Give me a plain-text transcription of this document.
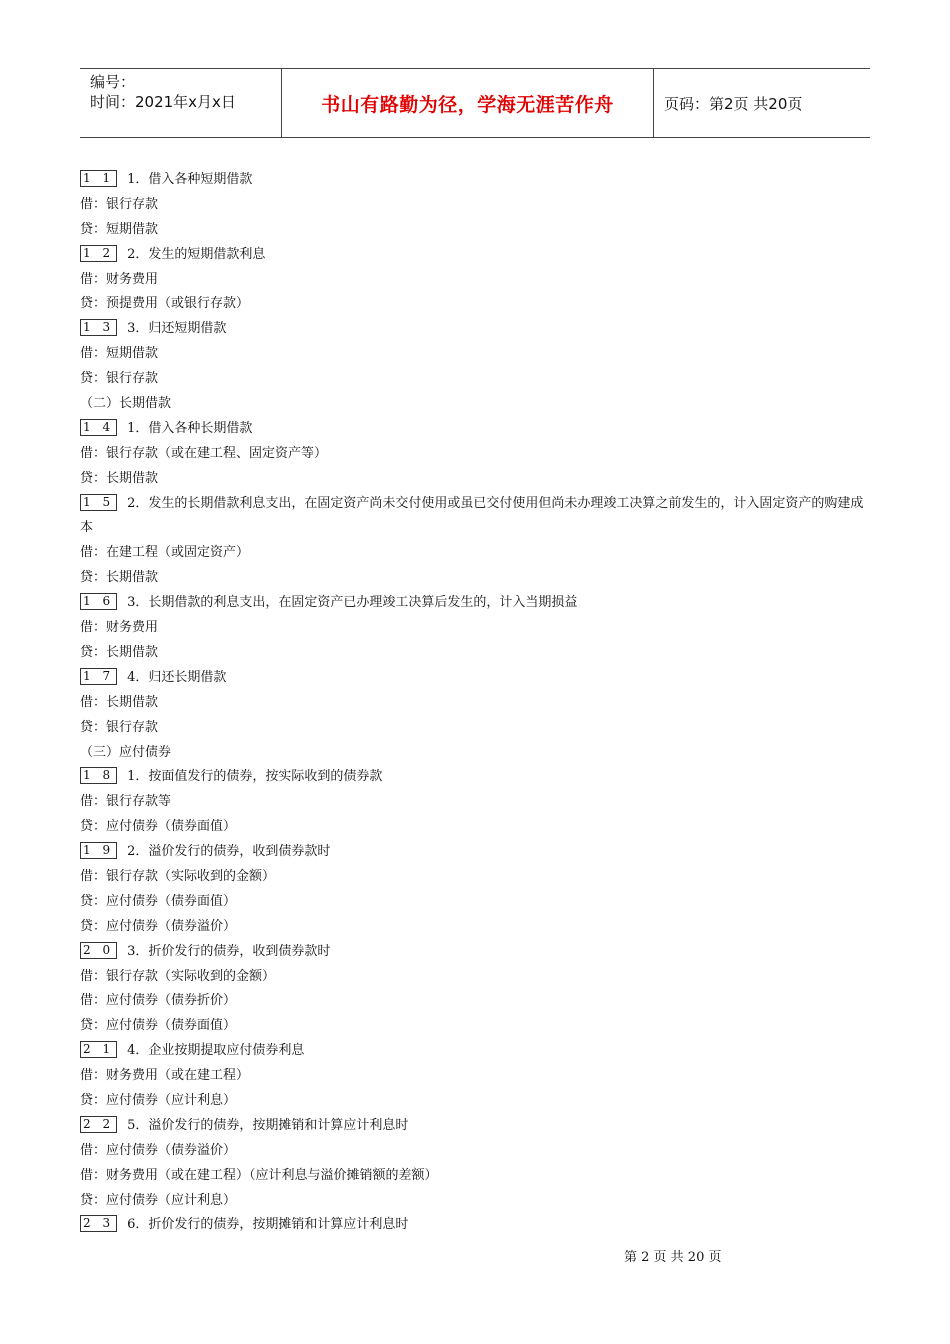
编号：
时间：2021年x月x日	书山有路勤为径，学海无涯苦作舟	页码：第2页 共20页
1 1 1．借入各种短期借款
借：银行存款
贷：短期借款
1 2 2．发生的短期借款利息
借：财务费用
贷：预提费用（或银行存款）
1 3 3．归还短期借款
借：短期借款
贷：银行存款
（二）长期借款
1 4 1．借入各种长期借款
借：银行存款（或在建工程、固定资产等）
贷：长期借款
1 5 2．发生的长期借款利息支出，在固定资产尚未交付使用或虽已交付使用但尚未办理竣工决算之前发生的，计入固定资产的购建成本
借：在建工程（或固定资产）
贷：长期借款
1 6 3．长期借款的利息支出，在固定资产已办理竣工决算后发生的，计入当期损益
借：财务费用
贷：长期借款
1 7 4．归还长期借款
借：长期借款
贷：银行存款
（三）应付债券
1 8 1．按面值发行的债券，按实际收到的债券款
借：银行存款等
贷：应付债券（债券面值）
1 9 2．溢价发行的债券，收到债券款时
借：银行存款（实际收到的金额）
贷：应付债券（债券面值）
贷：应付债券（债券溢价）
2 0 3．折价发行的债券，收到债券款时
借：银行存款（实际收到的金额）
借：应付债券（债券折价）
贷：应付债券（债券面值）
2 1 4．企业按期提取应付债券利息
借：财务费用（或在建工程）
贷：应付债券（应计利息）
2 2 5．溢价发行的债券，按期摊销和计算应计利息时
借：应付债券（债券溢价）
借：财务费用（或在建工程）（应计利息与溢价摊销额的差额）
贷：应付债券（应计利息）
2 3 6．折价发行的债券，按期摊销和计算应计利息时
第 2 页 共 20 页
